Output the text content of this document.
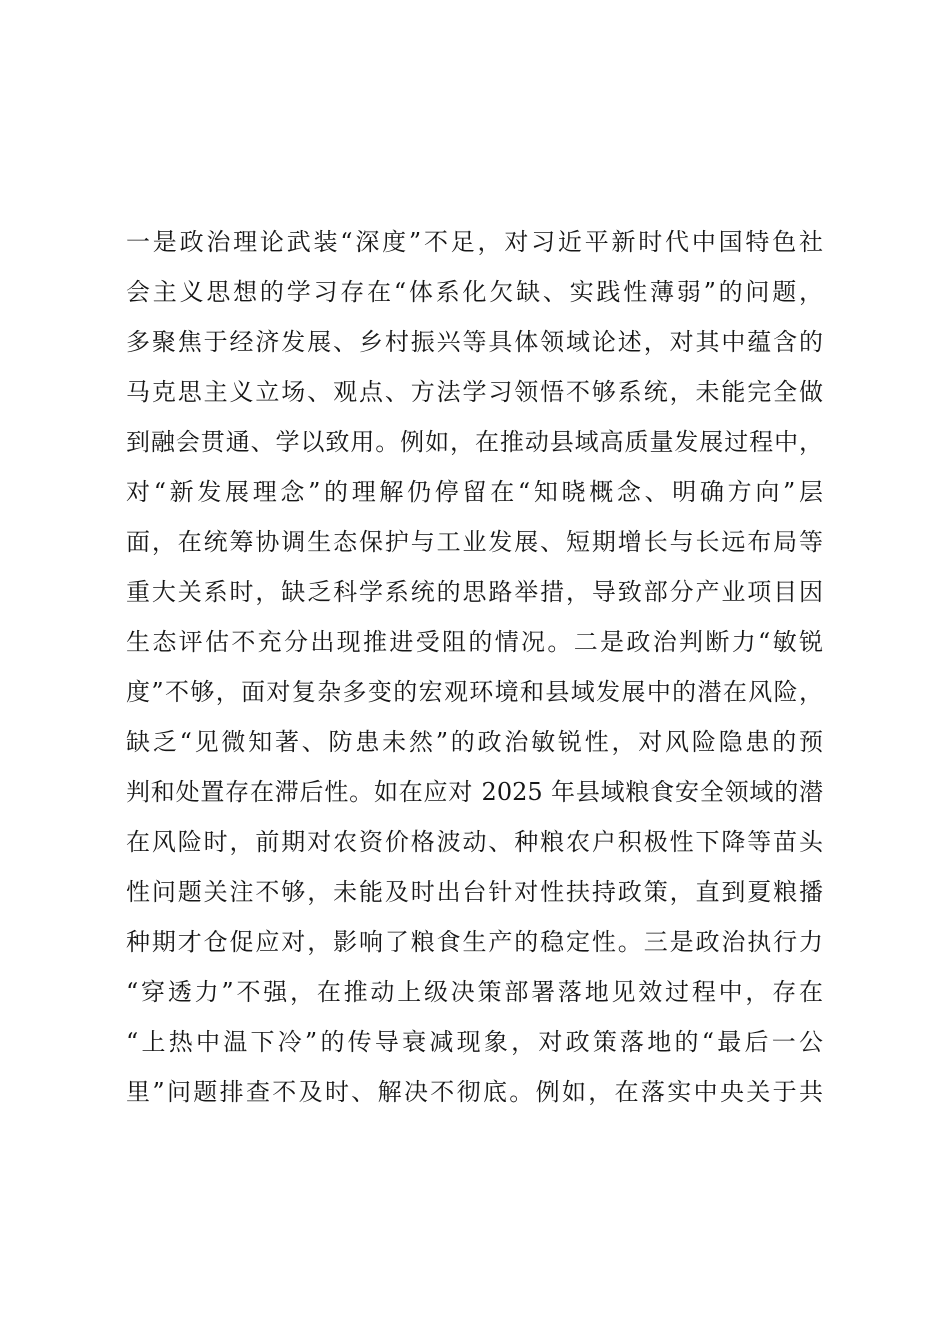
一是政治理论武装“深度”不足，对习近平新时代中国特色社
会主义思想的学习存在“体系化欠缺、实践性薄弱”的问题，
多聚焦于经济发展、乡村振兴等具体领域论述，对其中蕴含的
马克思主义立场、观点、方法学习领悟不够系统，未能完全做
到融会贯通、学以致用。例如，在推动县域高质量发展过程中，
对“新发展理念”的理解仍停留在“知晓概念、明确方向”层
面，在统筹协调生态保护与工业发展、短期增长与长远布局等
重大关系时，缺乏科学系统的思路举措，导致部分产业项目因
生态评估不充分出现推进受阻的情况。二是政治判断力“敏锐
度”不够，面对复杂多变的宏观环境和县域发展中的潜在风险，
缺乏“见微知著、防患未然”的政治敏锐性，对风险隐患的预
判和处置存在滞后性。如在应对 2025 年县域粮食安全领域的潜
在风险时，前期对农资价格波动、种粮农户积极性下降等苗头
性问题关注不够，未能及时出台针对性扶持政策，直到夏粮播
种期才仓促应对，影响了粮食生产的稳定性。三是政治执行力
“穿透力”不强，在推动上级决策部署落地见效过程中，存在
“上热中温下冷”的传导衰减现象，对政策落地的“最后一公
里”问题排查不及时、解决不彻底。例如，在落实中央关于共
